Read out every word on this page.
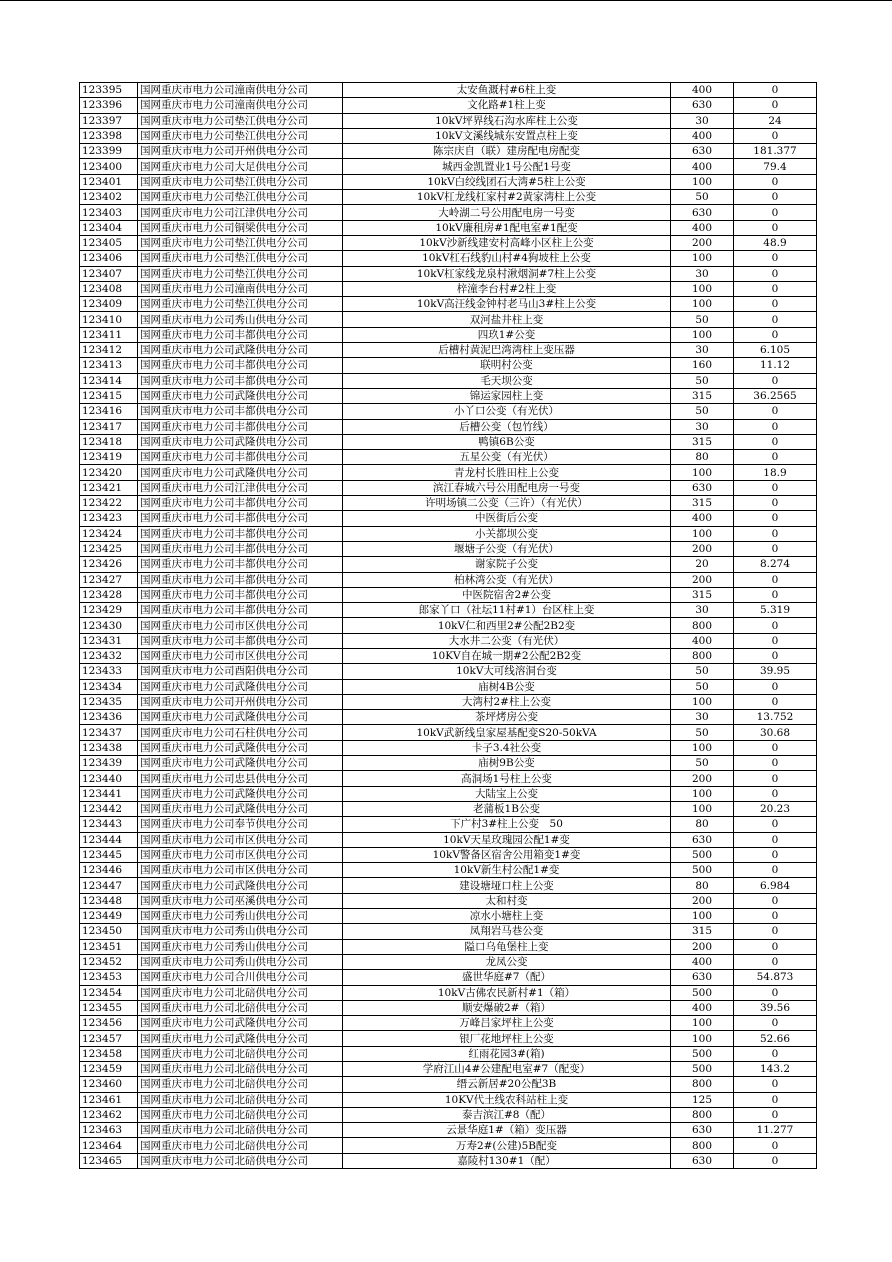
123395	国网重庆市电力公司潼南供电分公司	太安鱼溉村#6柱上变	400	0
123396	国网重庆市电力公司潼南供电分公司	文化路#1柱上变	630	0
123397	国网重庆市电力公司垫江供电分公司	10kV坪界线石沟水库柱上公变	30	24
123398	国网重庆市电力公司垫江供电分公司	10kV文溪线城东安置点柱上变	400	0
123399	国网重庆市电力公司开州供电分公司	陈宗庆自（联）建房配电房配变	630	181.377
123400	国网重庆市电力公司大足供电分公司	城西金凯置业1号公配1号变	400	79.4
123401	国网重庆市电力公司垫江供电分公司	10kV白绞线团石大湾#5柱上公变	100	0
123402	国网重庆市电力公司垫江供电分公司	10kV杠龙线杠家村#2黄家湾柱上公变	50	0
123403	国网重庆市电力公司江津供电分公司	大岭湖二号公用配电房一号变	630	0
123404	国网重庆市电力公司铜梁供电分公司	10kV廉租房#1配电室#1配变	400	0
123405	国网重庆市电力公司垫江供电分公司	10kV沙新线建安村高峰小区柱上公变	200	48.9
123406	国网重庆市电力公司垫江供电分公司	10kV杠石线豹山村#4狗坡柱上公变	100	0
123407	国网重庆市电力公司垫江供电分公司	10kV杠家线龙泉村湫烟洞#7柱上公变	30	0
123408	国网重庆市电力公司潼南供电分公司	梓潼李台村#2柱上变	100	0
123409	国网重庆市电力公司垫江供电分公司	10kV高汪线金钟村老马山3#柱上公变	100	0
123410	国网重庆市电力公司秀山供电分公司	双河盐井柱上变	50	0
123411	国网重庆市电力公司丰都供电分公司	四玖1#公变	100	0
123412	国网重庆市电力公司武隆供电分公司	后槽村黄泥巴湾湾柱上变压器	30	6.105
123413	国网重庆市电力公司丰都供电分公司	联明村公变	160	11.12
123414	国网重庆市电力公司丰都供电分公司	毛天坝公变	50	0
123415	国网重庆市电力公司武隆供电分公司	锦运家园柱上变	315	36.2565
123416	国网重庆市电力公司丰都供电分公司	小丫口公变（有光伏）	50	0
123417	国网重庆市电力公司丰都供电分公司	后槽公变（包竹线）	30	0
123418	国网重庆市电力公司武隆供电分公司	鸭镇6B公变	315	0
123419	国网重庆市电力公司丰都供电分公司	五星公变（有光伏）	80	0
123420	国网重庆市电力公司武隆供电分公司	青龙村长胜田柱上公变	100	18.9
123421	国网重庆市电力公司江津供电分公司	滨江春城六号公用配电房一号变	630	0
123422	国网重庆市电力公司丰都供电分公司	许明场镇二公变（三许）（有光伏）	315	0
123423	国网重庆市电力公司丰都供电分公司	中医街后公变	400	0
123424	国网重庆市电力公司丰都供电分公司	小关都坝公变	100	0
123425	国网重庆市电力公司丰都供电分公司	堰塘子公变（有光伏）	200	0
123426	国网重庆市电力公司丰都供电分公司	谢家院子公变	20	8.274
123427	国网重庆市电力公司丰都供电分公司	柏林湾公变（有光伏）	200	0
123428	国网重庆市电力公司丰都供电分公司	中医院宿舍2#公变	315	0
123429	国网重庆市电力公司丰都供电分公司	郎家丫口（社坛11村#1）台区柱上变	30	5.319
123430	国网重庆市电力公司市区供电分公司	10kV仁和西里2#公配2B2变	800	0
123431	国网重庆市电力公司丰都供电分公司	大水井二公变（有光伏）	400	0
123432	国网重庆市电力公司市区供电分公司	10KV自在城一期#2公配2B2变	800	0
123433	国网重庆市电力公司酉阳供电分公司	10kV大可线溶洞台变	50	39.95
123434	国网重庆市电力公司武隆供电分公司	庙树4B公变	50	0
123435	国网重庆市电力公司开州供电分公司	大湾村2#柱上公变	100	0
123436	国网重庆市电力公司武隆供电分公司	茶坪烤房公变	30	13.752
123437	国网重庆市电力公司石柱供电分公司	10kV武新线皇家屋基配变S20-50kVA	50	30.68
123438	国网重庆市电力公司武隆供电分公司	卡子3.4社公变	100	0
123439	国网重庆市电力公司武隆供电分公司	庙树9B公变	50	0
123440	国网重庆市电力公司忠县供电分公司	高洞场1号柱上公变	200	0
123441	国网重庆市电力公司武隆供电分公司	大陆宝上公变	100	0
123442	国网重庆市电力公司武隆供电分公司	老蒲板1B公变	100	20.23
123443	国网重庆市电力公司奉节供电分公司	下广村3#柱上公变　50	80	0
123444	国网重庆市电力公司市区供电分公司	10kV天星玫瑰园公配1#变	630	0
123445	国网重庆市电力公司市区供电分公司	10kV警备区宿舍公用箱变1#变	500	0
123446	国网重庆市电力公司市区供电分公司	10kV新生村公配1#变	500	0
123447	国网重庆市电力公司武隆供电分公司	建设塘垭口柱上公变	80	6.984
123448	国网重庆市电力公司巫溪供电分公司	太和村变	200	0
123449	国网重庆市电力公司秀山供电分公司	凉水小塘柱上变	100	0
123450	国网重庆市电力公司秀山供电分公司	凤翔岩马巷公变	315	0
123451	国网重庆市电力公司秀山供电分公司	隘口乌龟堡柱上变	200	0
123452	国网重庆市电力公司秀山供电分公司	龙凤公变	400	0
123453	国网重庆市电力公司合川供电分公司	盛世华庭#7（配）	630	54.873
123454	国网重庆市电力公司北碚供电分公司	10kV古佛农民新村#1（箱）	500	0
123455	国网重庆市电力公司北碚供电分公司	顺安爆破2#（箱）	400	39.56
123456	国网重庆市电力公司武隆供电分公司	万峰吕家坪柱上公变	100	0
123457	国网重庆市电力公司武隆供电分公司	银厂花地坪柱上公变	100	52.66
123458	国网重庆市电力公司北碚供电分公司	红雨花园3#(箱)	500	0
123459	国网重庆市电力公司北碚供电分公司	学府江山4#公建配电室#7（配变）	500	143.2
123460	国网重庆市电力公司北碚供电分公司	缙云新居#20公配3B	800	0
123461	国网重庆市电力公司北碚供电分公司	10KV代土线农科站柱上变	125	0
123462	国网重庆市电力公司北碚供电分公司	泰吉滨江#8（配）	800	0
123463	国网重庆市电力公司北碚供电分公司	云景华庭1#（箱）变压器	630	11.277
123464	国网重庆市电力公司北碚供电分公司	万寿2#(公建)5B配变	800	0
123465	国网重庆市电力公司北碚供电分公司	嘉陵村130#1（配）	630	0
